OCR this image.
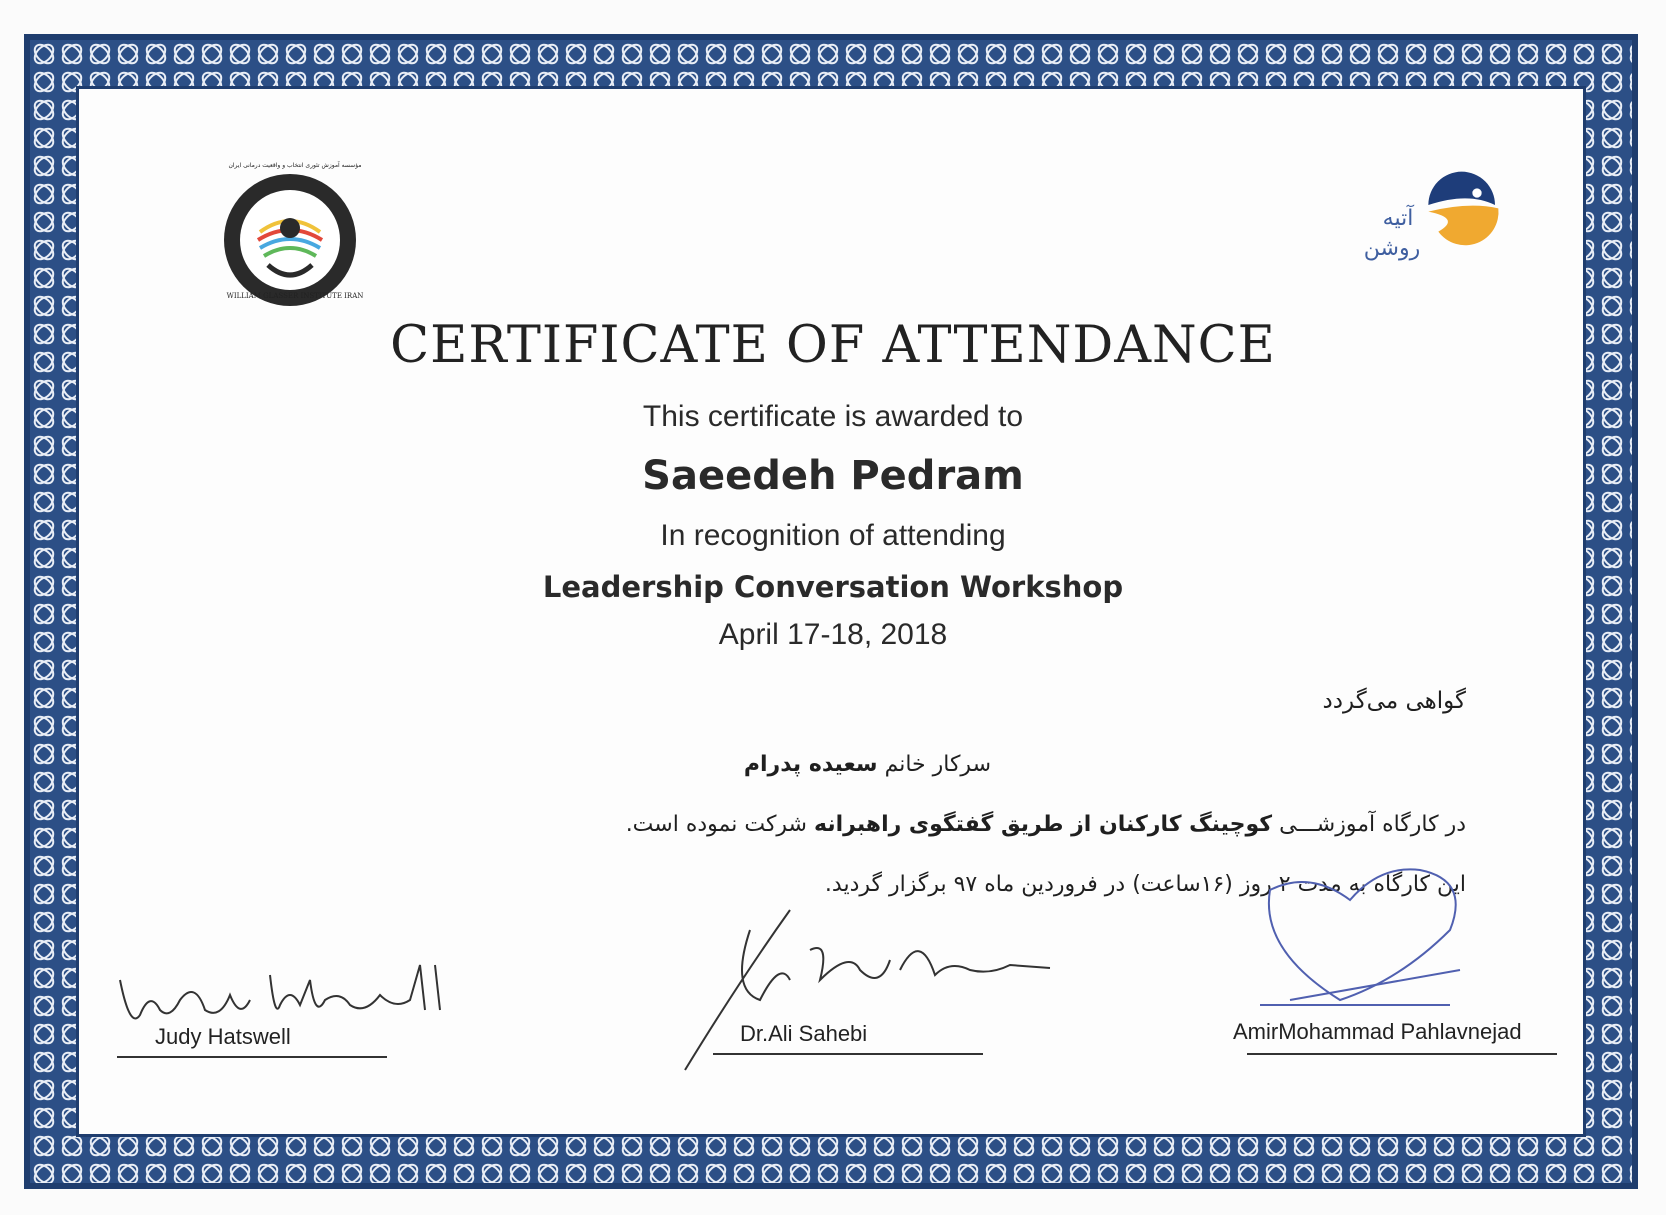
WILLIAM GLASSER INSTITUTE IRAN
مؤسسه آموزش تئوری انتخاب و واقعیت درمانی ایران
آتیه
روشن
CERTIFICATE OF ATTENDANCE
This certificate is awarded to
Saeedeh Pedram
In recognition of attending
Leadership Conversation Workshop
April 17-18, 2018
گواهی می‌گردد
سرکار خانم سعیده پدرام
در کارگاه آموزشـــی کوچینگ کارکنان از طریق گفتگوی راهبرانه شرکت نموده است.
این کارگاه به مدت ۲ روز (۱۶ساعت) در فروردین ماه ۹۷ برگزار گردید.
Judy Hatswell	Dr.Ali Sahebi	AmirMohammad Pahlavnejad
